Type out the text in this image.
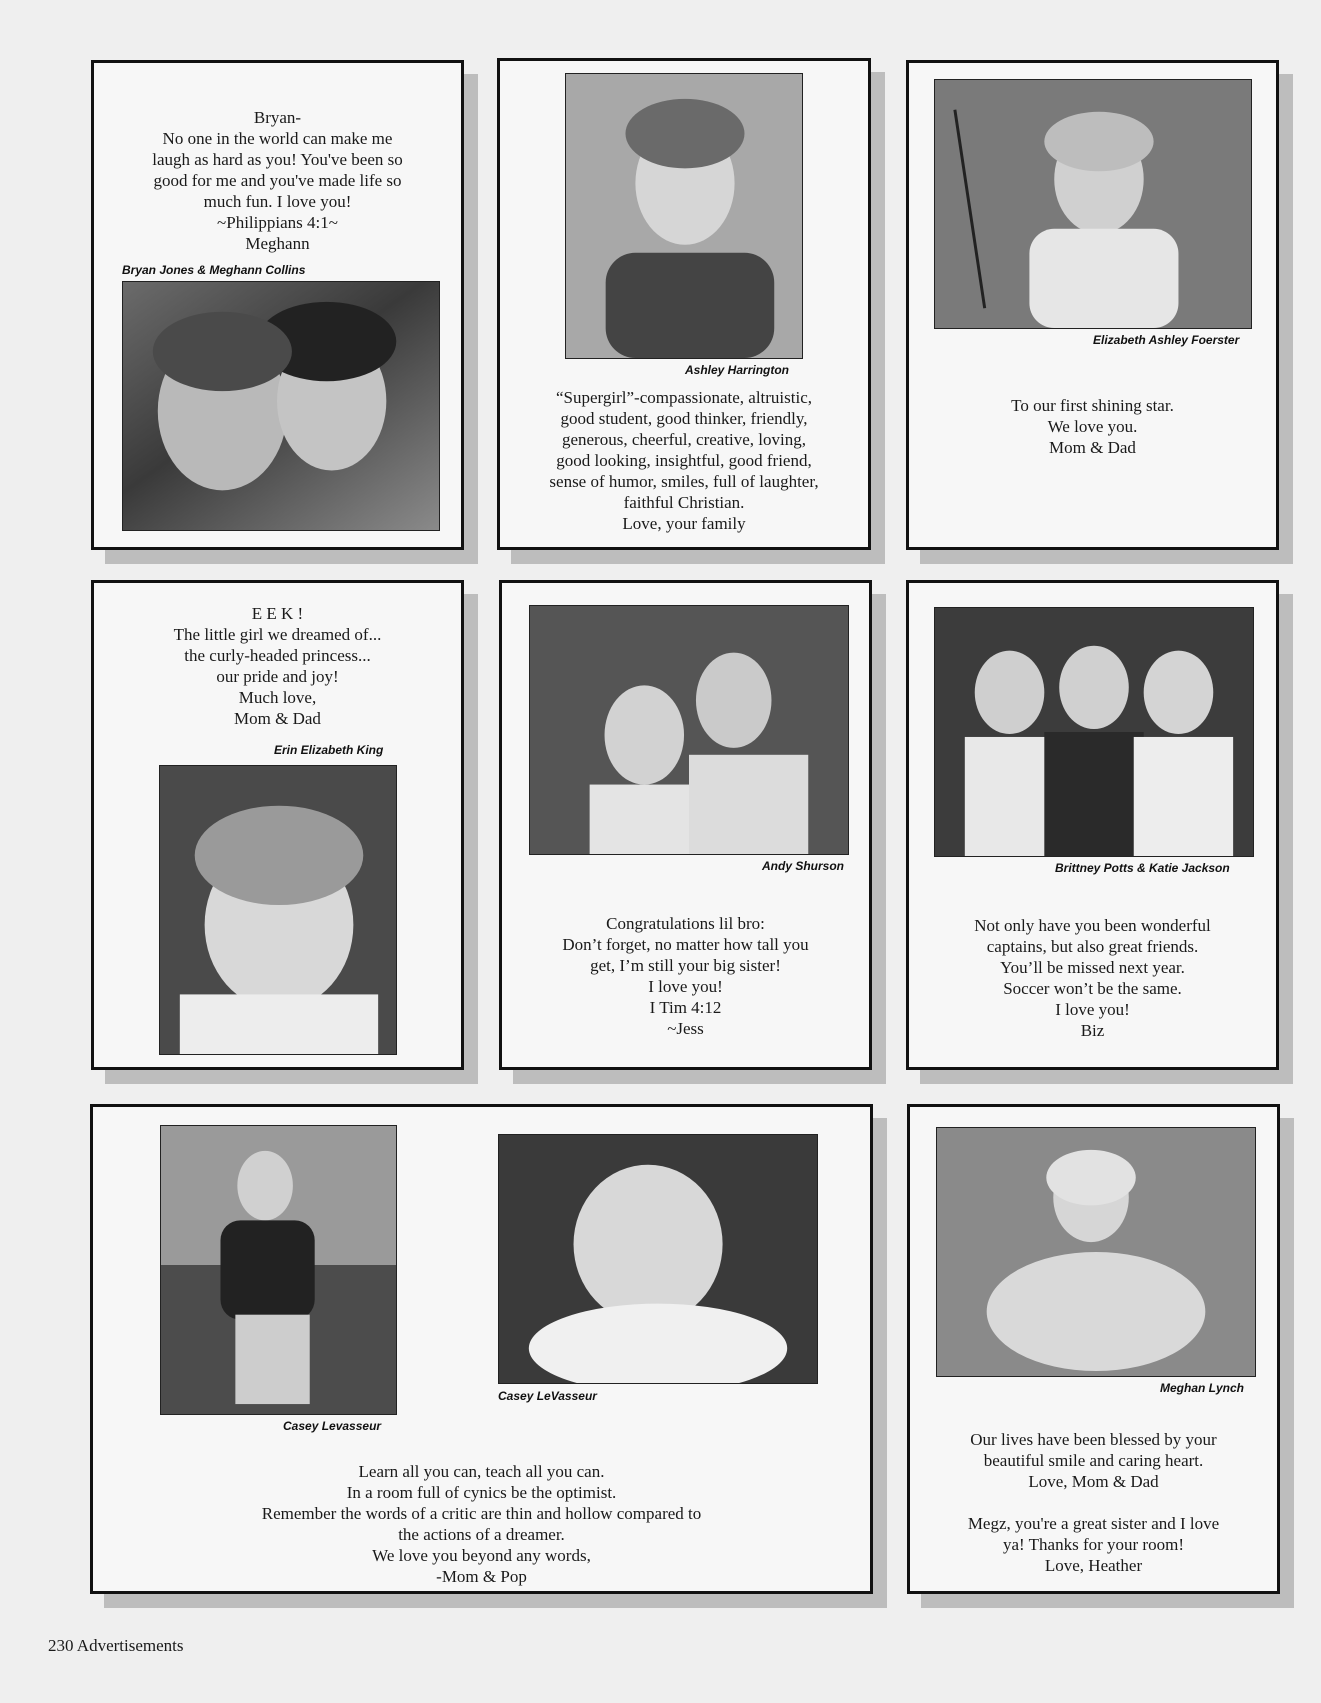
Bryan-
No one in the world can make me
laugh as hard as you! You've been so
good for me and you've made life so
much fun. I love you!
~Philippians 4:1~
Meghann
Bryan Jones & Meghann Collins
Ashley Harrington
“Supergirl”-compassionate, altruistic,
good student, good thinker, friendly,
generous, cheerful, creative, loving,
good looking, insightful, good friend,
sense of humor, smiles, full of laughter,
faithful Christian.
Love, your family
Elizabeth Ashley Foerster
To our first shining star.
We love you.
Mom & Dad
E E K !
The little girl we dreamed of...
the curly-headed princess...
our pride and joy!
Much love,
Mom & Dad
Erin Elizabeth King
Andy Shurson
Congratulations lil bro:
Don’t forget, no matter how tall you
get, I’m still your big sister!
I love you!
I Tim 4:12
~Jess
Brittney Potts & Katie Jackson
Not only have you been wonderful
captains, but also great friends.
You’ll be missed next year.
Soccer won’t be the same.
I love you!
Biz
Casey Levasseur
Casey LeVasseur
Learn all you can, teach all you can.
In a room full of cynics be the optimist.
Remember the words of a critic are thin and hollow compared to
the actions of a dreamer.
We love you beyond any words,
-Mom & Pop
Meghan Lynch
Our lives have been blessed by your
beautiful smile and caring heart.
Love, Mom & Dad
Megz, you're a great sister and I love
ya! Thanks for your room!
Love, Heather
230 Advertisements
